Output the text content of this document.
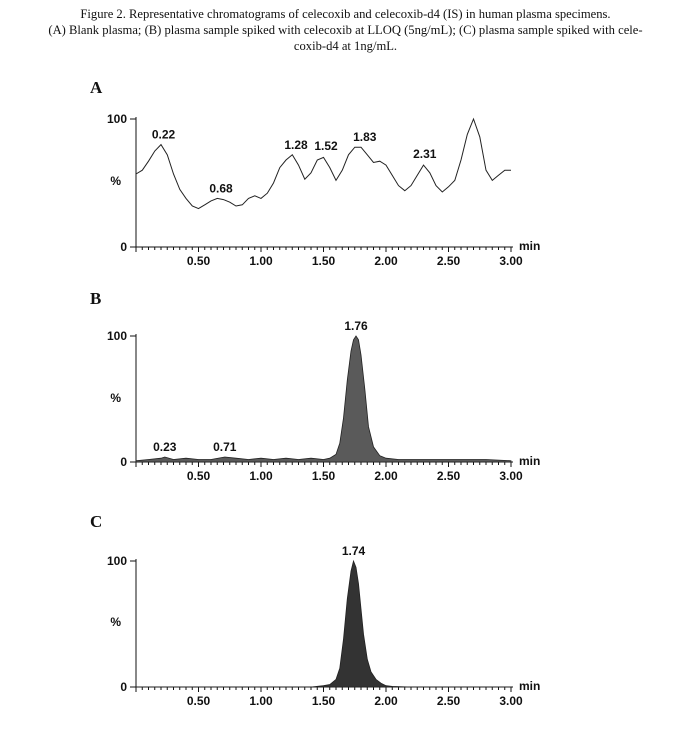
Figure 2. Representative chromatograms of celecoxib and celecoxib-d4 (IS) in human plasma specimens.
(A) Blank plasma; (B) plasma sample spiked with celecoxib at LLOQ (5ng/mL); (C) plasma sample spiked with cele-
coxib-d4 at 1ng/mL.
A
0
100
%
0.50	1.00	1.50	2.00	2.50	3.00
min
0.22
0.68
1.28 1.52
1.83
2.31
B
0
100
%
0.50	1.00	1.50	2.00	2.50	3.00
min
0.23	0.71
1.76
C
0
100
%
0.50	1.00	1.50	2.00	2.50	3.00
min
1.74
